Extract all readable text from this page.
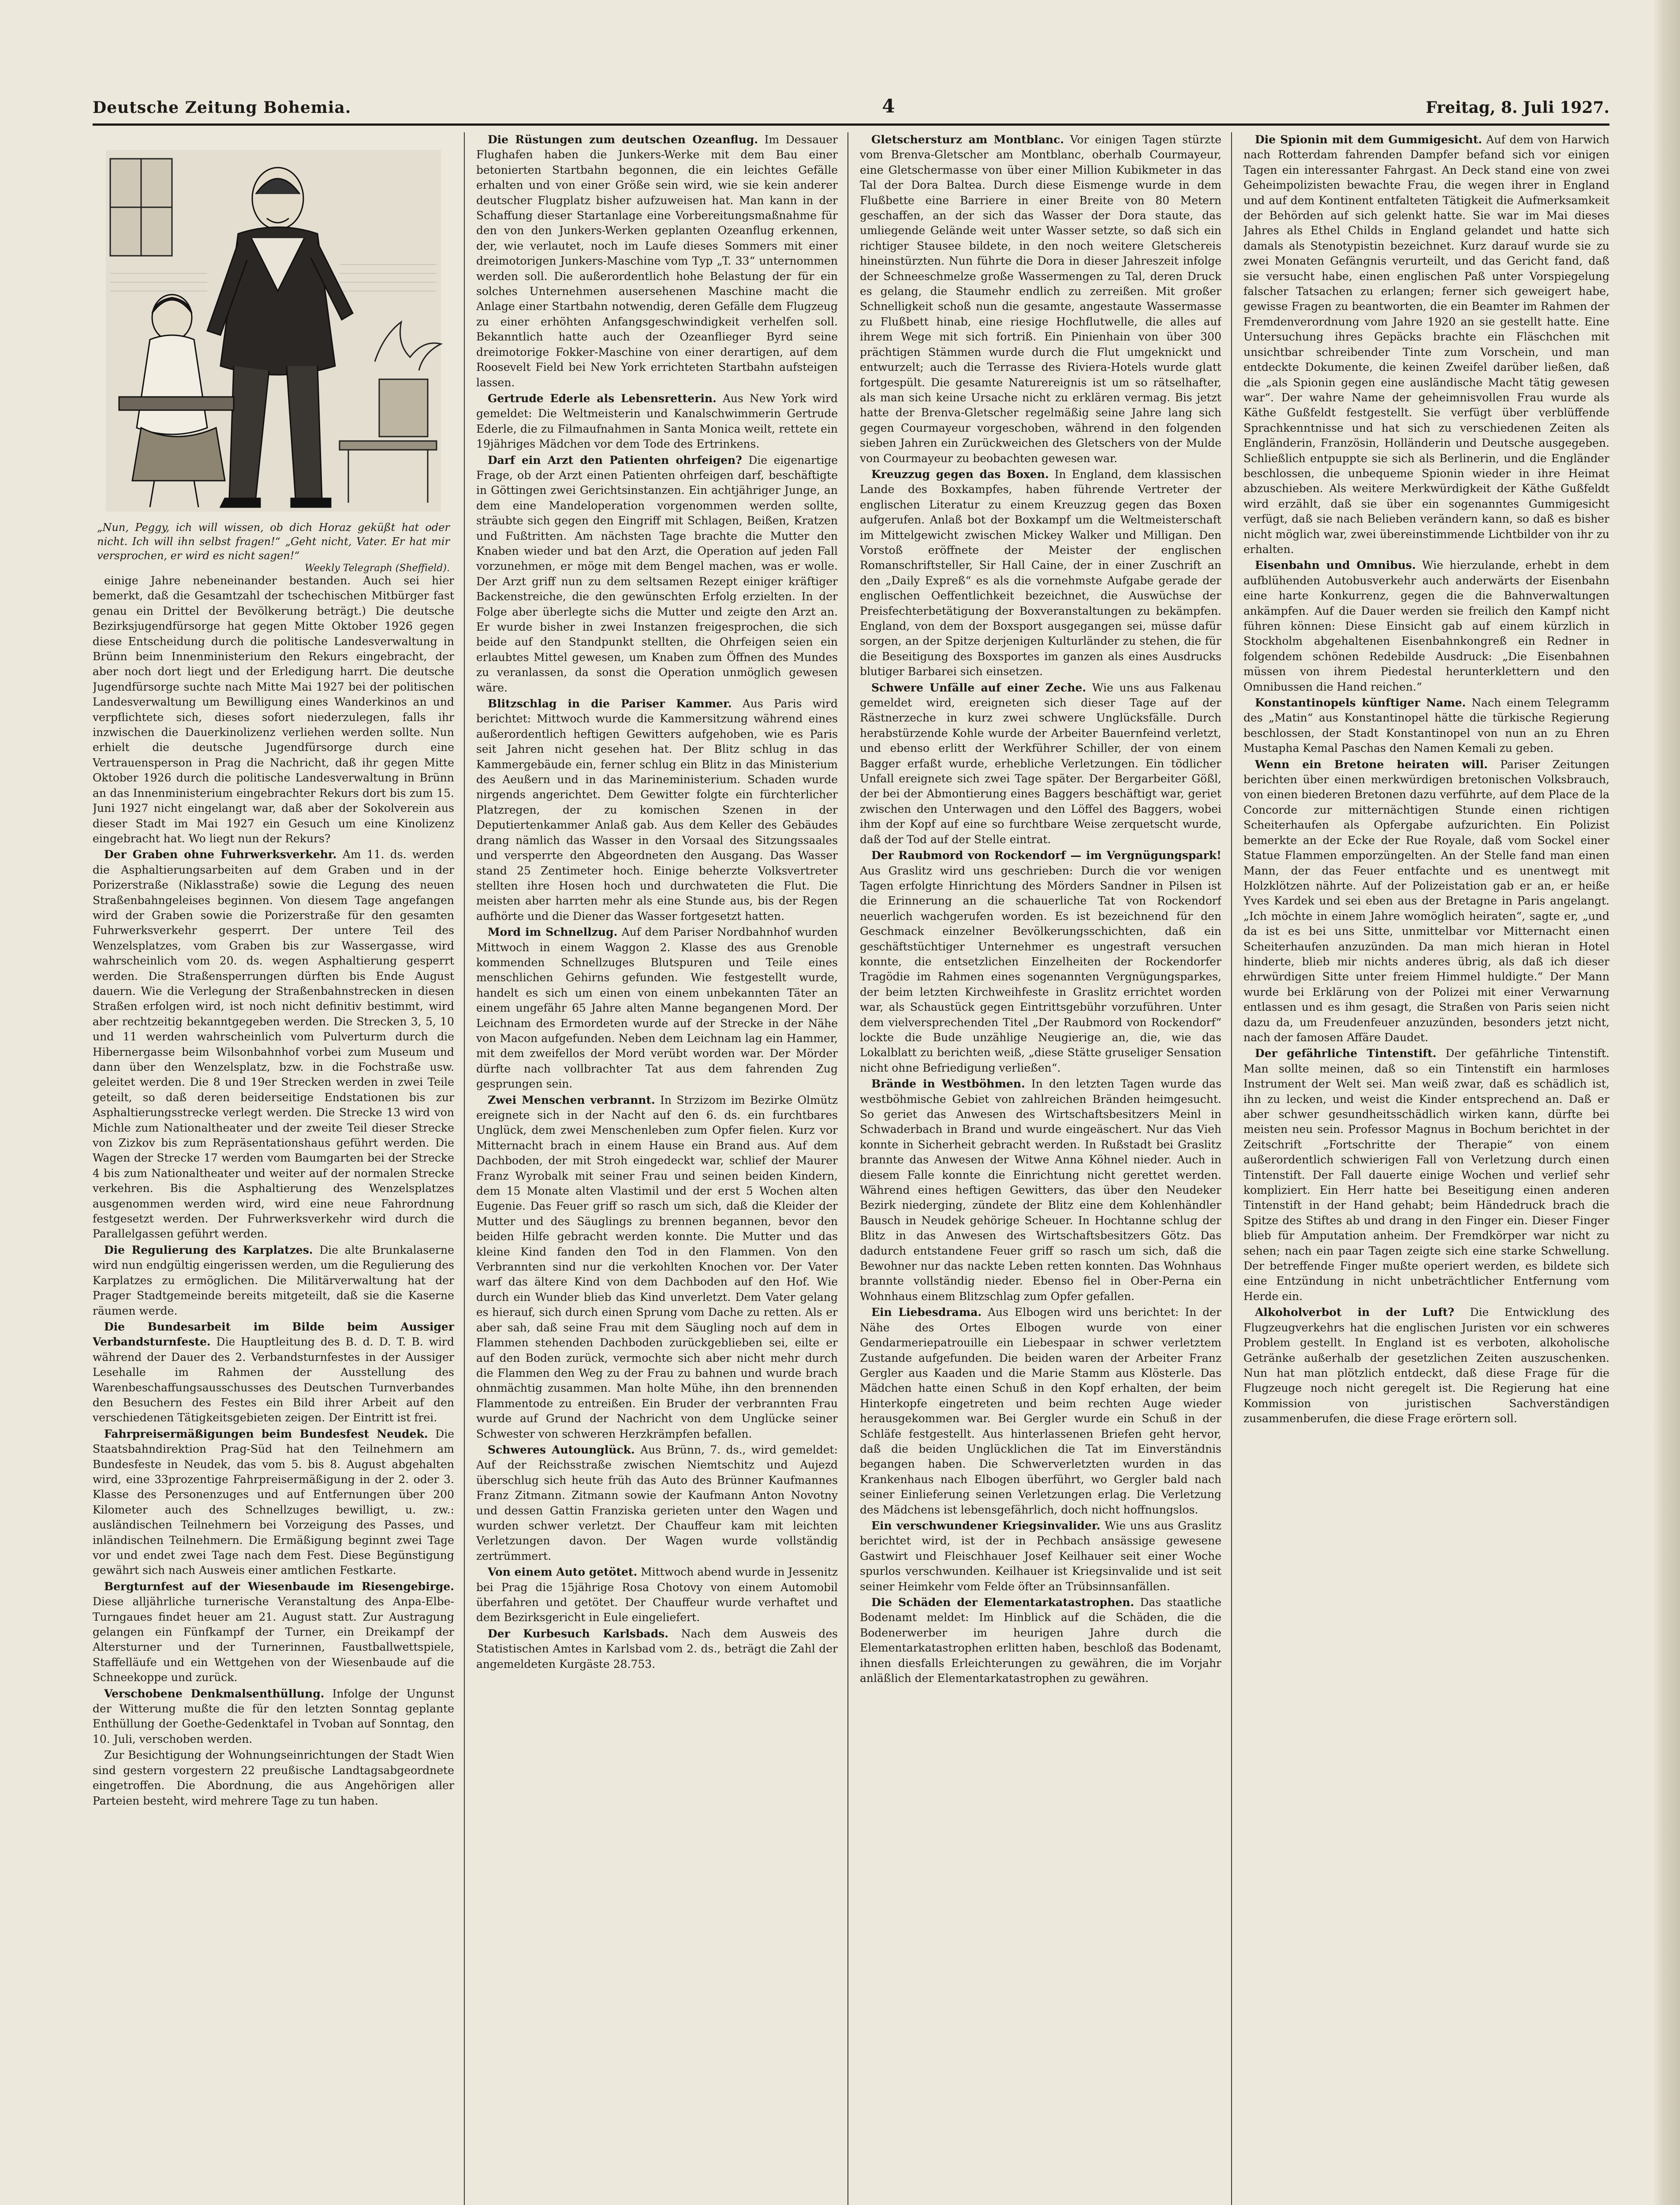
Deutsche Zeitung Bohemia.	4	Freitag, 8. Juli 1927.
„Nun, Peggy, ich will wissen, ob dich Horaz geküßt hat oder nicht. Ich will ihn selbst fragen!“ „Geht nicht, Vater. Er hat mir versprochen, er wird es nicht sagen!“
Weekly Telegraph (Sheffield).

einige Jahre nebeneinander bestanden. Auch sei hier bemerkt, daß die Gesamtzahl der tschechischen Mitbürger fast genau ein Drittel der Bevölkerung beträgt.) Die deutsche Bezirksjugendfürsorge hat gegen Mitte Oktober 1926 gegen diese Entscheidung durch die politische Landesverwaltung in Brünn beim Innenministerium den Rekurs eingebracht, der aber noch dort liegt und der Erledigung harrt. Die deutsche Jugendfürsorge suchte nach Mitte Mai 1927 bei der politischen Landesverwaltung um Bewilligung eines Wanderkinos an und verpflichtete sich, dieses sofort niederzulegen, falls ihr inzwischen die Dauerkinolizenz verliehen werden sollte. Nun erhielt die deutsche Jugendfürsorge durch eine Vertrauensperson in Prag die Nachricht, daß ihr gegen Mitte Oktober 1926 durch die politische Landesverwaltung in Brünn an das Innenministerium eingebrachter Rekurs dort bis zum 15. Juni 1927 nicht eingelangt war, daß aber der Sokolverein aus dieser Stadt im Mai 1927 ein Gesuch um eine Kinolizenz eingebracht hat. Wo liegt nun der Rekurs?

Der Graben ohne Fuhrwerksverkehr. Am 11. ds. werden die Asphaltierungsarbeiten auf dem Graben und in der Porizerstraße (Niklasstraße) sowie die Legung des neuen Straßenbahngeleises beginnen. Von diesem Tage angefangen wird der Graben sowie die Porizerstraße für den gesamten Fuhrwerksverkehr gesperrt. Der untere Teil des Wenzelsplatzes, vom Graben bis zur Wassergasse, wird wahrscheinlich vom 20. ds. wegen Asphaltierung gesperrt werden. Die Straßensperrungen dürften bis Ende August dauern. Wie die Verlegung der Straßenbahnstrecken in diesen Straßen erfolgen wird, ist noch nicht definitiv bestimmt, wird aber rechtzeitig bekanntgegeben werden. Die Strecken 3, 5, 10 und 11 werden wahrscheinlich vom Pulverturm durch die Hibernergasse beim Wilsonbahnhof vorbei zum Museum und dann über den Wenzelsplatz, bzw. in die Fochstraße usw. geleitet werden. Die 8 und 19er Strecken werden in zwei Teile geteilt, so daß deren beiderseitige Endstationen bis zur Asphaltierungsstrecke verlegt werden. Die Strecke 13 wird von Michle zum Nationaltheater und der zweite Teil dieser Strecke von Zizkov bis zum Repräsentationshaus geführt werden. Die Wagen der Strecke 17 werden vom Baumgarten bei der Strecke 4 bis zum Nationaltheater und weiter auf der normalen Strecke verkehren. Bis die Asphaltierung des Wenzelsplatzes ausgenommen werden wird, wird eine neue Fahrordnung festgesetzt werden. Der Fuhrwerksverkehr wird durch die Parallelgassen geführt werden.

Die Regulierung des Karplatzes. Die alte Brunkalaserne wird nun endgültig eingerissen werden, um die Regulierung des Karplatzes zu ermöglichen. Die Militärverwaltung hat der Prager Stadtgemeinde bereits mitgeteilt, daß sie die Kaserne räumen werde.

Die Bundesarbeit im Bilde beim Aussiger Verbandsturnfeste. Die Hauptleitung des B. d. D. T. B. wird während der Dauer des 2. Verbandsturnfestes in der Aussiger Lesehalle im Rahmen der Ausstellung des Warenbeschaffungsausschusses des Deutschen Turnverbandes den Besuchern des Festes ein Bild ihrer Arbeit auf den verschiedenen Tätigkeitsgebieten zeigen. Der Eintritt ist frei.

Fahrpreisermäßigungen beim Bundesfest Neudek. Die Staatsbahndirektion Prag-Süd hat den Teilnehmern am Bundesfeste in Neudek, das vom 5. bis 8. August abgehalten wird, eine 33prozentige Fahrpreisermäßigung in der 2. oder 3. Klasse des Personenzuges und auf Entfernungen über 200 Kilometer auch des Schnellzuges bewilligt, u. zw.: ausländischen Teilnehmern bei Vorzeigung des Passes, und inländischen Teilnehmern. Die Ermäßigung beginnt zwei Tage vor und endet zwei Tage nach dem Fest. Diese Begünstigung gewährt sich nach Ausweis einer amtlichen Festkarte.

Bergturnfest auf der Wiesenbaude im Riesengebirge. Diese alljährliche turnerische Veranstaltung des Anpa-Elbe-Turngaues findet heuer am 21. August statt. Zur Austragung gelangen ein Fünfkampf der Turner, ein Dreikampf der Altersturner und der Turnerinnen, Faustballwettspiele, Staffelläufe und ein Wettgehen von der Wiesenbaude auf die Schneekoppe und zurück.

Verschobene Denkmalsenthüllung. Infolge der Ungunst der Witterung mußte die für den letzten Sonntag geplante Enthüllung der Goethe-Gedenktafel in Tvoban auf Sonntag, den 10. Juli, verschoben werden.

Zur Besichtigung der Wohnungseinrichtungen der Stadt Wien sind gestern vorgestern 22 preußische Landtagsabgeordnete eingetroffen. Die Abordnung, die aus Angehörigen aller Parteien besteht, wird mehrere Tage zu tun haben.

Die Rüstungen zum deutschen Ozeanflug. Im Dessauer Flughafen haben die Junkers-Werke mit dem Bau einer betonierten Startbahn begonnen, die ein leichtes Gefälle erhalten und von einer Größe sein wird, wie sie kein anderer deutscher Flugplatz bisher aufzuweisen hat. Man kann in der Schaffung dieser Startanlage eine Vorbereitungsmaßnahme für den von den Junkers-Werken geplanten Ozeanflug erkennen, der, wie verlautet, noch im Laufe dieses Sommers mit einer dreimotorigen Junkers-Maschine vom Typ „T. 33“ unternommen werden soll. Die außerordentlich hohe Belastung der für ein solches Unternehmen ausersehenen Maschine macht die Anlage einer Startbahn notwendig, deren Gefälle dem Flugzeug zu einer erhöhten Anfangsgeschwindigkeit verhelfen soll. Bekanntlich hatte auch der Ozeanflieger Byrd seine dreimotorige Fokker-Maschine von einer derartigen, auf dem Roosevelt Field bei New York errichteten Startbahn aufsteigen lassen.

Gertrude Ederle als Lebensretterin. Aus New York wird gemeldet: Die Weltmeisterin und Kanalschwimmerin Gertrude Ederle, die zu Filmaufnahmen in Santa Monica weilt, rettete ein 19jähriges Mädchen vor dem Tode des Ertrinkens.

Darf ein Arzt den Patienten ohrfeigen? Die eigenartige Frage, ob der Arzt einen Patienten ohrfeigen darf, beschäftigte in Göttingen zwei Gerichtsinstanzen. Ein achtjähriger Junge, an dem eine Mandeloperation vorgenommen werden sollte, sträubte sich gegen den Eingriff mit Schlagen, Beißen, Kratzen und Fußtritten. Am nächsten Tage brachte die Mutter den Knaben wieder und bat den Arzt, die Operation auf jeden Fall vorzunehmen, er möge mit dem Bengel machen, was er wolle. Der Arzt griff nun zu dem seltsamen Rezept einiger kräftiger Backenstreiche, die den gewünschten Erfolg erzielten. In der Folge aber überlegte sichs die Mutter und zeigte den Arzt an. Er wurde bisher in zwei Instanzen freigesprochen, die sich beide auf den Standpunkt stellten, die Ohrfeigen seien ein erlaubtes Mittel gewesen, um Knaben zum Öffnen des Mundes zu veranlassen, da sonst die Operation unmöglich gewesen wäre.

Blitzschlag in die Pariser Kammer. Aus Paris wird berichtet: Mittwoch wurde die Kammersitzung während eines außerordentlich heftigen Gewitters aufgehoben, wie es Paris seit Jahren nicht gesehen hat. Der Blitz schlug in das Kammergebäude ein, ferner schlug ein Blitz in das Ministerium des Aeußern und in das Marineministerium. Schaden wurde nirgends angerichtet. Dem Gewitter folgte ein fürchterlicher Platzregen, der zu komischen Szenen in der Deputiertenkammer Anlaß gab. Aus dem Keller des Gebäudes drang nämlich das Wasser in den Vorsaal des Sitzungssaales und versperrte den Abgeordneten den Ausgang. Das Wasser stand 25 Zentimeter hoch. Einige beherzte Volksvertreter stellten ihre Hosen hoch und durchwateten die Flut. Die meisten aber harrten mehr als eine Stunde aus, bis der Regen aufhörte und die Diener das Wasser fortgesetzt hatten.

Mord im Schnellzug. Auf dem Pariser Nordbahnhof wurden Mittwoch in einem Waggon 2. Klasse des aus Grenoble kommenden Schnellzuges Blutspuren und Teile eines menschlichen Gehirns gefunden. Wie festgestellt wurde, handelt es sich um einen von einem unbekannten Täter an einem ungefähr 65 Jahre alten Manne begangenen Mord. Der Leichnam des Ermordeten wurde auf der Strecke in der Nähe von Macon aufgefunden. Neben dem Leichnam lag ein Hammer, mit dem zweifellos der Mord verübt worden war. Der Mörder dürfte nach vollbrachter Tat aus dem fahrenden Zug gesprungen sein.

Zwei Menschen verbrannt. In Strzizom im Bezirke Olmütz ereignete sich in der Nacht auf den 6. ds. ein furchtbares Unglück, dem zwei Menschenleben zum Opfer fielen. Kurz vor Mitternacht brach in einem Hause ein Brand aus. Auf dem Dachboden, der mit Stroh eingedeckt war, schlief der Maurer Franz Wyrobalk mit seiner Frau und seinen beiden Kindern, dem 15 Monate alten Vlastimil und der erst 5 Wochen alten Eugenie. Das Feuer griff so rasch um sich, daß die Kleider der Mutter und des Säuglings zu brennen begannen, bevor den beiden Hilfe gebracht werden konnte. Die Mutter und das kleine Kind fanden den Tod in den Flammen. Von den Verbrannten sind nur die verkohlten Knochen vor. Der Vater warf das ältere Kind von dem Dachboden auf den Hof. Wie durch ein Wunder blieb das Kind unverletzt. Dem Vater gelang es hierauf, sich durch einen Sprung vom Dache zu retten. Als er aber sah, daß seine Frau mit dem Säugling noch auf dem in Flammen stehenden Dachboden zurückgeblieben sei, eilte er auf den Boden zurück, vermochte sich aber nicht mehr durch die Flammen den Weg zu der Frau zu bahnen und wurde brach ohnmächtig zusammen. Man holte Mühe, ihn den brennenden Flammentode zu entreißen. Ein Bruder der verbrannten Frau wurde auf Grund der Nachricht von dem Unglücke seiner Schwester von schweren Herzkrämpfen befallen.

Schweres Autounglück. Aus Brünn, 7. ds., wird gemeldet: Auf der Reichsstraße zwischen Niemtschitz und Aujezd überschlug sich heute früh das Auto des Brünner Kaufmannes Franz Zitmann. Zitmann sowie der Kaufmann Anton Novotny und dessen Gattin Franziska gerieten unter den Wagen und wurden schwer verletzt. Der Chauffeur kam mit leichten Verletzungen davon. Der Wagen wurde vollständig zertrümmert.

Von einem Auto getötet. Mittwoch abend wurde in Jessenitz bei Prag die 15jährige Rosa Chotovy von einem Automobil überfahren und getötet. Der Chauffeur wurde verhaftet und dem Bezirksgericht in Eule eingeliefert.

Der Kurbesuch Karlsbads. Nach dem Ausweis des Statistischen Amtes in Karlsbad vom 2. ds., beträgt die Zahl der angemeldeten Kurgäste 28.753.

Gletschersturz am Montblanc. Vor einigen Tagen stürzte vom Brenva-Gletscher am Montblanc, oberhalb Courmayeur, eine Gletschermasse von über einer Million Kubikmeter in das Tal der Dora Baltea. Durch diese Eismenge wurde in dem Flußbette eine Barriere in einer Breite von 80 Metern geschaffen, an der sich das Wasser der Dora staute, das umliegende Gelände weit unter Wasser setzte, so daß sich ein richtiger Stausee bildete, in den noch weitere Gletschereis hineinstürzten. Nun führte die Dora in dieser Jahreszeit infolge der Schneeschmelze große Wassermengen zu Tal, deren Druck es gelang, die Staumehr endlich zu zerreißen. Mit großer Schnelligkeit schoß nun die gesamte, angestaute Wassermasse zu Flußbett hinab, eine riesige Hochflutwelle, die alles auf ihrem Wege mit sich fortriß. Ein Pinienhain von über 300 prächtigen Stämmen wurde durch die Flut umgeknickt und entwurzelt; auch die Terrasse des Riviera-Hotels wurde glatt fortgespült. Die gesamte Naturereignis ist um so rätselhafter, als man sich keine Ursache nicht zu erklären vermag. Bis jetzt hatte der Brenva-Gletscher regelmäßig seine Jahre lang sich gegen Courmayeur vorgeschoben, während in den folgenden sieben Jahren ein Zurückweichen des Gletschers von der Mulde von Courmayeur zu beobachten gewesen war.

Kreuzzug gegen das Boxen. In England, dem klassischen Lande des Boxkampfes, haben führende Vertreter der englischen Literatur zu einem Kreuzzug gegen das Boxen aufgerufen. Anlaß bot der Boxkampf um die Weltmeisterschaft im Mittelgewicht zwischen Mickey Walker und Milligan. Den Vorstoß eröffnete der Meister der englischen Romanschriftsteller, Sir Hall Caine, der in einer Zuschrift an den „Daily Expreß“ es als die vornehmste Aufgabe gerade der englischen Oeffentlichkeit bezeichnet, die Auswüchse der Preisfechterbetätigung der Boxveranstaltungen zu bekämpfen. England, von dem der Boxsport ausgegangen sei, müsse dafür sorgen, an der Spitze derjenigen Kulturländer zu stehen, die für die Beseitigung des Boxsportes im ganzen als eines Ausdrucks blutiger Barbarei sich einsetzen.

Schwere Unfälle auf einer Zeche. Wie uns aus Falkenau gemeldet wird, ereigneten sich dieser Tage auf der Rästnerzeche in kurz zwei schwere Unglücksfälle. Durch herabstürzende Kohle wurde der Arbeiter Bauernfeind verletzt, und ebenso erlitt der Werkführer Schiller, der von einem Bagger erfaßt wurde, erhebliche Verletzungen. Ein tödlicher Unfall ereignete sich zwei Tage später. Der Bergarbeiter Gößl, der bei der Abmontierung eines Baggers beschäftigt war, geriet zwischen den Unterwagen und den Löffel des Baggers, wobei ihm der Kopf auf eine so furchtbare Weise zerquetscht wurde, daß der Tod auf der Stelle eintrat.

Der Raubmord von Rockendorf — im Vergnügungspark! Aus Graslitz wird uns geschrieben: Durch die vor wenigen Tagen erfolgte Hinrichtung des Mörders Sandner in Pilsen ist die Erinnerung an die schauerliche Tat von Rockendorf neuerlich wachgerufen worden. Es ist bezeichnend für den Geschmack einzelner Bevölkerungsschichten, daß ein geschäftstüchtiger Unternehmer es ungestraft versuchen konnte, die entsetzlichen Einzelheiten der Rockendorfer Tragödie im Rahmen eines sogenannten Vergnügungsparkes, der beim letzten Kirchweihfeste in Graslitz errichtet worden war, als Schaustück gegen Eintrittsgebühr vorzuführen. Unter dem vielversprechenden Titel „Der Raubmord von Rockendorf“ lockte die Bude unzählige Neugierige an, die, wie das Lokalblatt zu berichten weiß, „diese Stätte gruseliger Sensation nicht ohne Befriedigung verließen“.

Brände in Westböhmen. In den letzten Tagen wurde das westböhmische Gebiet von zahlreichen Bränden heimgesucht. So geriet das Anwesen des Wirtschaftsbesitzers Meinl in Schwaderbach in Brand und wurde eingeäschert. Nur das Vieh konnte in Sicherheit gebracht werden. In Rußstadt bei Graslitz brannte das Anwesen der Witwe Anna Köhnel nieder. Auch in diesem Falle konnte die Einrichtung nicht gerettet werden. Während eines heftigen Gewitters, das über den Neudeker Bezirk niederging, zündete der Blitz eine dem Kohlenhändler Bausch in Neudek gehörige Scheuer. In Hochtanne schlug der Blitz in das Anwesen des Wirtschaftsbesitzers Götz. Das dadurch entstandene Feuer griff so rasch um sich, daß die Bewohner nur das nackte Leben retten konnten. Das Wohnhaus brannte vollständig nieder. Ebenso fiel in Ober-Perna ein Wohnhaus einem Blitzschlag zum Opfer gefallen.

Ein Liebesdrama. Aus Elbogen wird uns berichtet: In der Nähe des Ortes Elbogen wurde von einer Gendarmeriepatrouille ein Liebespaar in schwer verletztem Zustande aufgefunden. Die beiden waren der Arbeiter Franz Gergler aus Kaaden und die Marie Stamm aus Klösterle. Das Mädchen hatte einen Schuß in den Kopf erhalten, der beim Hinterkopfe eingetreten und beim rechten Auge wieder herausgekommen war. Bei Gergler wurde ein Schuß in der Schläfe festgestellt. Aus hinterlassenen Briefen geht hervor, daß die beiden Unglücklichen die Tat im Einverständnis begangen haben. Die Schwerverletzten wurden in das Krankenhaus nach Elbogen überführt, wo Gergler bald nach seiner Einlieferung seinen Verletzungen erlag. Die Verletzung des Mädchens ist lebensgefährlich, doch nicht hoffnungslos.

Ein verschwundener Kriegsinvalider. Wie uns aus Graslitz berichtet wird, ist der in Pechbach ansässige gewesene Gastwirt und Fleischhauer Josef Keilhauer seit einer Woche spurlos verschwunden. Keilhauer ist Kriegsinvalide und ist seit seiner Heimkehr vom Felde öfter an Trübsinnsanfällen.

Die Schäden der Elementarkatastrophen. Das staatliche Bodenamt meldet: Im Hinblick auf die Schäden, die die Bodenerwerber im heurigen Jahre durch die Elementarkatastrophen erlitten haben, beschloß das Bodenamt, ihnen diesfalls Erleichterungen zu gewähren, die im Vorjahr anläßlich der Elementarkatastrophen zu gewähren.

Die Spionin mit dem Gummigesicht. Auf dem von Harwich nach Rotterdam fahrenden Dampfer befand sich vor einigen Tagen ein interessanter Fahrgast. An Deck stand eine von zwei Geheimpolizisten bewachte Frau, die wegen ihrer in England und auf dem Kontinent entfalteten Tätigkeit die Aufmerksamkeit der Behörden auf sich gelenkt hatte. Sie war im Mai dieses Jahres als Ethel Childs in England gelandet und hatte sich damals als Stenotypistin bezeichnet. Kurz darauf wurde sie zu zwei Monaten Gefängnis verurteilt, und das Gericht fand, daß sie versucht habe, einen englischen Paß unter Vorspiegelung falscher Tatsachen zu erlangen; ferner sich geweigert habe, gewisse Fragen zu beantworten, die ein Beamter im Rahmen der Fremdenverordnung vom Jahre 1920 an sie gestellt hatte. Eine Untersuchung ihres Gepäcks brachte ein Fläschchen mit unsichtbar schreibender Tinte zum Vorschein, und man entdeckte Dokumente, die keinen Zweifel darüber ließen, daß die „als Spionin gegen eine ausländische Macht tätig gewesen war“. Der wahre Name der geheimnisvollen Frau wurde als Käthe Gußfeldt festgestellt. Sie verfügt über verblüffende Sprachkenntnisse und hat sich zu verschiedenen Zeiten als Engländerin, Französin, Holländerin und Deutsche ausgegeben. Schließlich entpuppte sie sich als Berlinerin, und die Engländer beschlossen, die unbequeme Spionin wieder in ihre Heimat abzuschieben. Als weitere Merkwürdigkeit der Käthe Gußfeldt wird erzählt, daß sie über ein sogenanntes Gummigesicht verfügt, daß sie nach Belieben verändern kann, so daß es bisher nicht möglich war, zwei übereinstimmende Lichtbilder von ihr zu erhalten.

Eisenbahn und Omnibus. Wie hierzulande, erhebt in dem aufblühenden Autobusverkehr auch anderwärts der Eisenbahn eine harte Konkurrenz, gegen die die Bahnverwaltungen ankämpfen. Auf die Dauer werden sie freilich den Kampf nicht führen können: Diese Einsicht gab auf einem kürzlich in Stockholm abgehaltenen Eisenbahnkongreß ein Redner in folgendem schönen Redebilde Ausdruck: „Die Eisenbahnen müssen von ihrem Piedestal herunterklettern und den Omnibussen die Hand reichen.“

Konstantinopels künftiger Name. Nach einem Telegramm des „Matin“ aus Konstantinopel hätte die türkische Regierung beschlossen, der Stadt Konstantinopel von nun an zu Ehren Mustapha Kemal Paschas den Namen Kemali zu geben.

Wenn ein Bretone heiraten will. Pariser Zeitungen berichten über einen merkwürdigen bretonischen Volksbrauch, von einen biederen Bretonen dazu verführte, auf dem Place de la Concorde zur mitternächtigen Stunde einen richtigen Scheiterhaufen als Opfergabe aufzurichten. Ein Polizist bemerkte an der Ecke der Rue Royale, daß vom Sockel einer Statue Flammen emporzüngelten. An der Stelle fand man einen Mann, der das Feuer entfachte und es unentwegt mit Holzklötzen nährte. Auf der Polizeistation gab er an, er heiße Yves Kardek und sei eben aus der Bretagne in Paris angelangt. „Ich möchte in einem Jahre womöglich heiraten“, sagte er, „und da ist es bei uns Sitte, unmittelbar vor Mitternacht einen Scheiterhaufen anzuzünden. Da man mich hieran in Hotel hinderte, blieb mir nichts anderes übrig, als daß ich dieser ehrwürdigen Sitte unter freiem Himmel huldigte.“ Der Mann wurde bei Erklärung von der Polizei mit einer Verwarnung entlassen und es ihm gesagt, die Straßen von Paris seien nicht dazu da, um Freudenfeuer anzuzünden, besonders jetzt nicht, nach der famosen Affäre Daudet.

Der gefährliche Tintenstift. Der gefährliche Tintenstift. Man sollte meinen, daß so ein Tintenstift ein harmloses Instrument der Welt sei. Man weiß zwar, daß es schädlich ist, ihn zu lecken, und weist die Kinder entsprechend an. Daß er aber schwer gesundheitsschädlich wirken kann, dürfte bei meisten neu sein. Professor Magnus in Bochum berichtet in der Zeitschrift „Fortschritte der Therapie“ von einem außerordentlich schwierigen Fall von Verletzung durch einen Tintenstift. Der Fall dauerte einige Wochen und verlief sehr kompliziert. Ein Herr hatte bei Beseitigung einen anderen Tintenstift in der Hand gehabt; beim Händedruck brach die Spitze des Stiftes ab und drang in den Finger ein. Dieser Finger blieb für Amputation anheim. Der Fremdkörper war nicht zu sehen; nach ein paar Tagen zeigte sich eine starke Schwellung. Der betreffende Finger mußte operiert werden, es bildete sich eine Entzündung in nicht unbeträchtlicher Entfernung vom Herde ein.

Alkoholverbot in der Luft? Die Entwicklung des Flugzeugverkehrs hat die englischen Juristen vor ein schweres Problem gestellt. In England ist es verboten, alkoholische Getränke außerhalb der gesetzlichen Zeiten auszuschenken. Nun hat man plötzlich entdeckt, daß diese Frage für die Flugzeuge noch nicht geregelt ist. Die Regierung hat eine Kommission von juristischen Sachverständigen zusammenberufen, die diese Frage erörtern soll.
